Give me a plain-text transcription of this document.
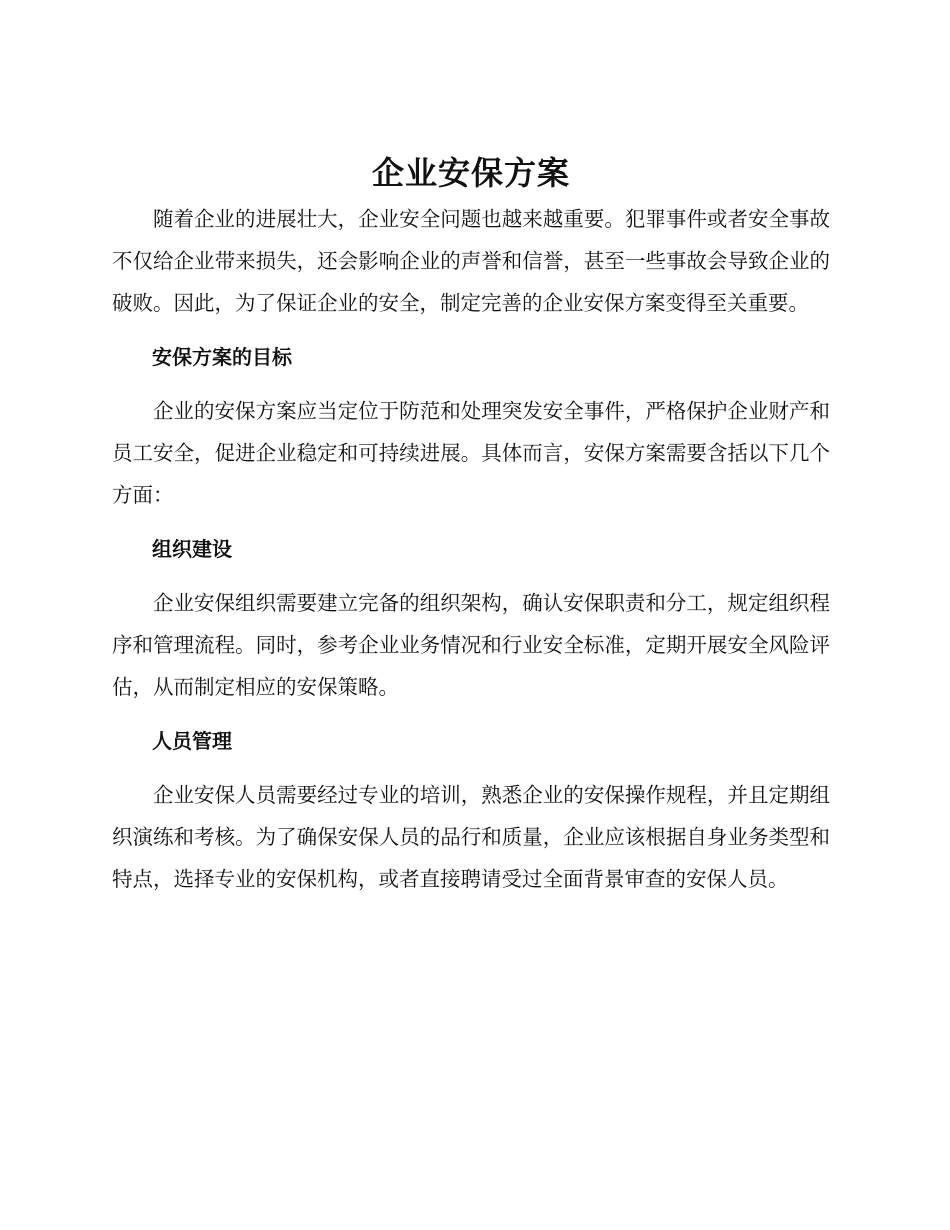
企业安保方案

随着企业的进展壮大，企业安全问题也越来越重要。犯罪事件或者安全事故不仅给企业带来损失，还会影响企业的声誉和信誉，甚至一些事故会导致企业的破败。因此，为了保证企业的安全，制定完善的企业安保方案变得至关重要。

安保方案的目标

企业的安保方案应当定位于防范和处理突发安全事件，严格保护企业财产和员工安全，促进企业稳定和可持续进展。具体而言，安保方案需要含括以下几个方面：

组织建设

企业安保组织需要建立完备的组织架构，确认安保职责和分工，规定组织程序和管理流程。同时，参考企业业务情况和行业安全标准，定期开展安全风险评估，从而制定相应的安保策略。

人员管理

企业安保人员需要经过专业的培训，熟悉企业的安保操作规程，并且定期组织演练和考核。为了确保安保人员的品行和质量，企业应该根据自身业务类型和特点，选择专业的安保机构，或者直接聘请受过全面背景审查的安保人员。
